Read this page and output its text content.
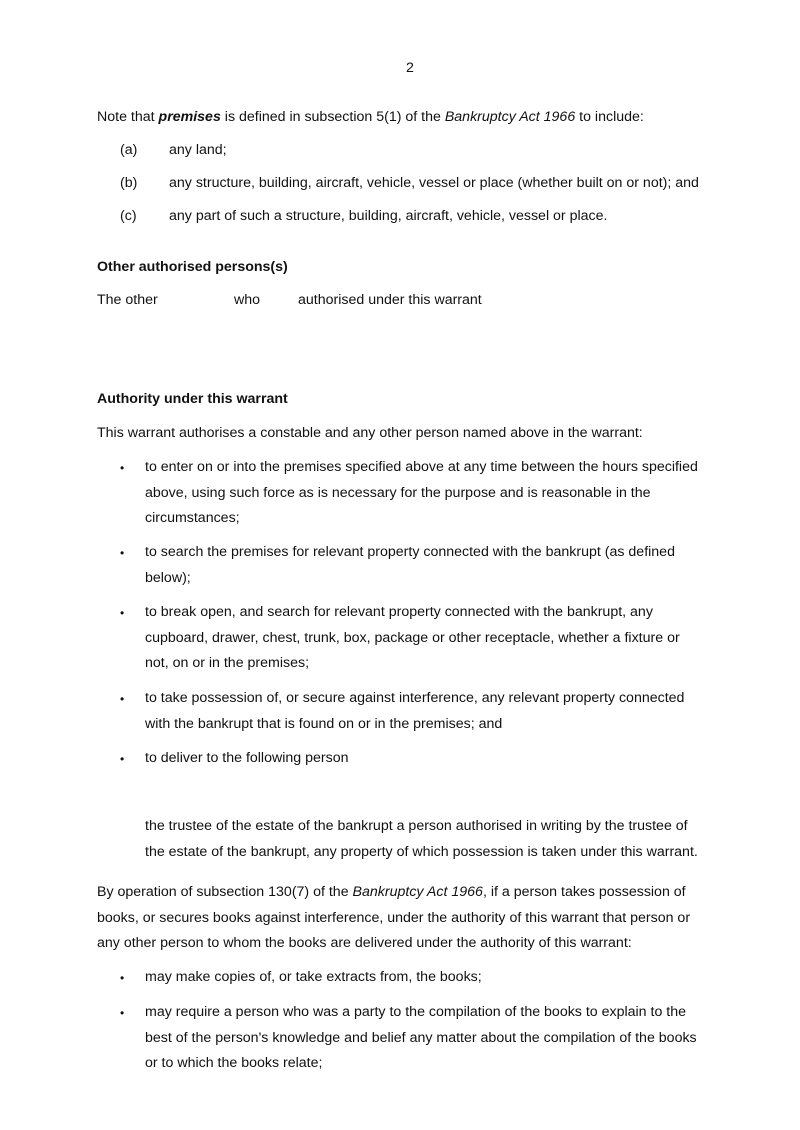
2
Note that premises is defined in subsection 5(1) of the Bankruptcy Act 1966 to include:
(a) any land;
(b) any structure, building, aircraft, vehicle, vessel or place (whether built on or not); and
(c) any part of such a structure, building, aircraft, vehicle, vessel or place.
Other authorised persons(s)
The other	who	authorised under this warrant
Authority under this warrant
This warrant authorises a constable and any other person named above in the warrant:
• to enter on or into the premises specified above at any time between the hours specified
above, using such force as is necessary for the purpose and is reasonable in the
circumstances;
• to search the premises for relevant property connected with the bankrupt (as defined
below);
• to break open, and search for relevant property connected with the bankrupt, any
cupboard, drawer, chest, trunk, box, package or other receptacle, whether a fixture or
not, on or in the premises;
• to take possession of, or secure against interference, any relevant property connected
with the bankrupt that is found on or in the premises; and
• to deliver to the following person
the trustee of the estate of the bankrupt a person authorised in writing by the trustee of
the estate of the bankrupt, any property of which possession is taken under this warrant.
By operation of subsection 130(7) of the Bankruptcy Act 1966, if a person takes possession of
books, or secures books against interference, under the authority of this warrant that person or
any other person to whom the books are delivered under the authority of this warrant:
• may make copies of, or take extracts from, the books;
• may require a person who was a party to the compilation of the books to explain to the
best of the person's knowledge and belief any matter about the compilation of the books
or to which the books relate;
